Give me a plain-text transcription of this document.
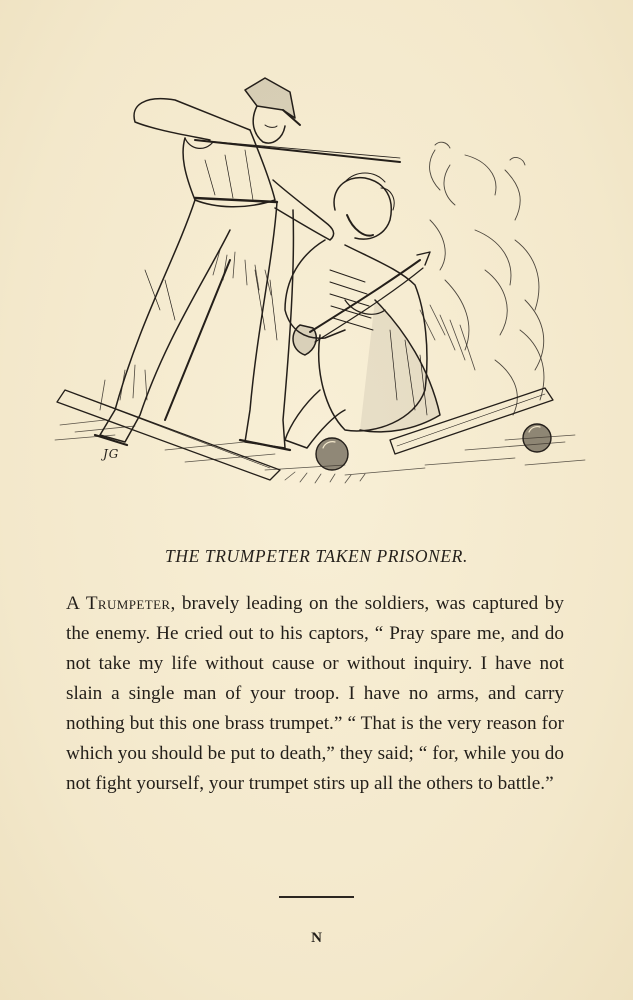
JG
THE TRUMPETER TAKEN PRISONER.
A Trumpeter, bravely leading on the soldiers, was captured by the enemy. He cried out to his captors, “ Pray spare me, and do not take my life without cause or without inquiry. I have not slain a single man of your troop. I have no arms, and carry nothing but this one brass trumpet.” “ That is the very reason for which you should be put to death,” they said; “ for, while you do not fight yourself, your trumpet stirs up all the others to battle.”
N
